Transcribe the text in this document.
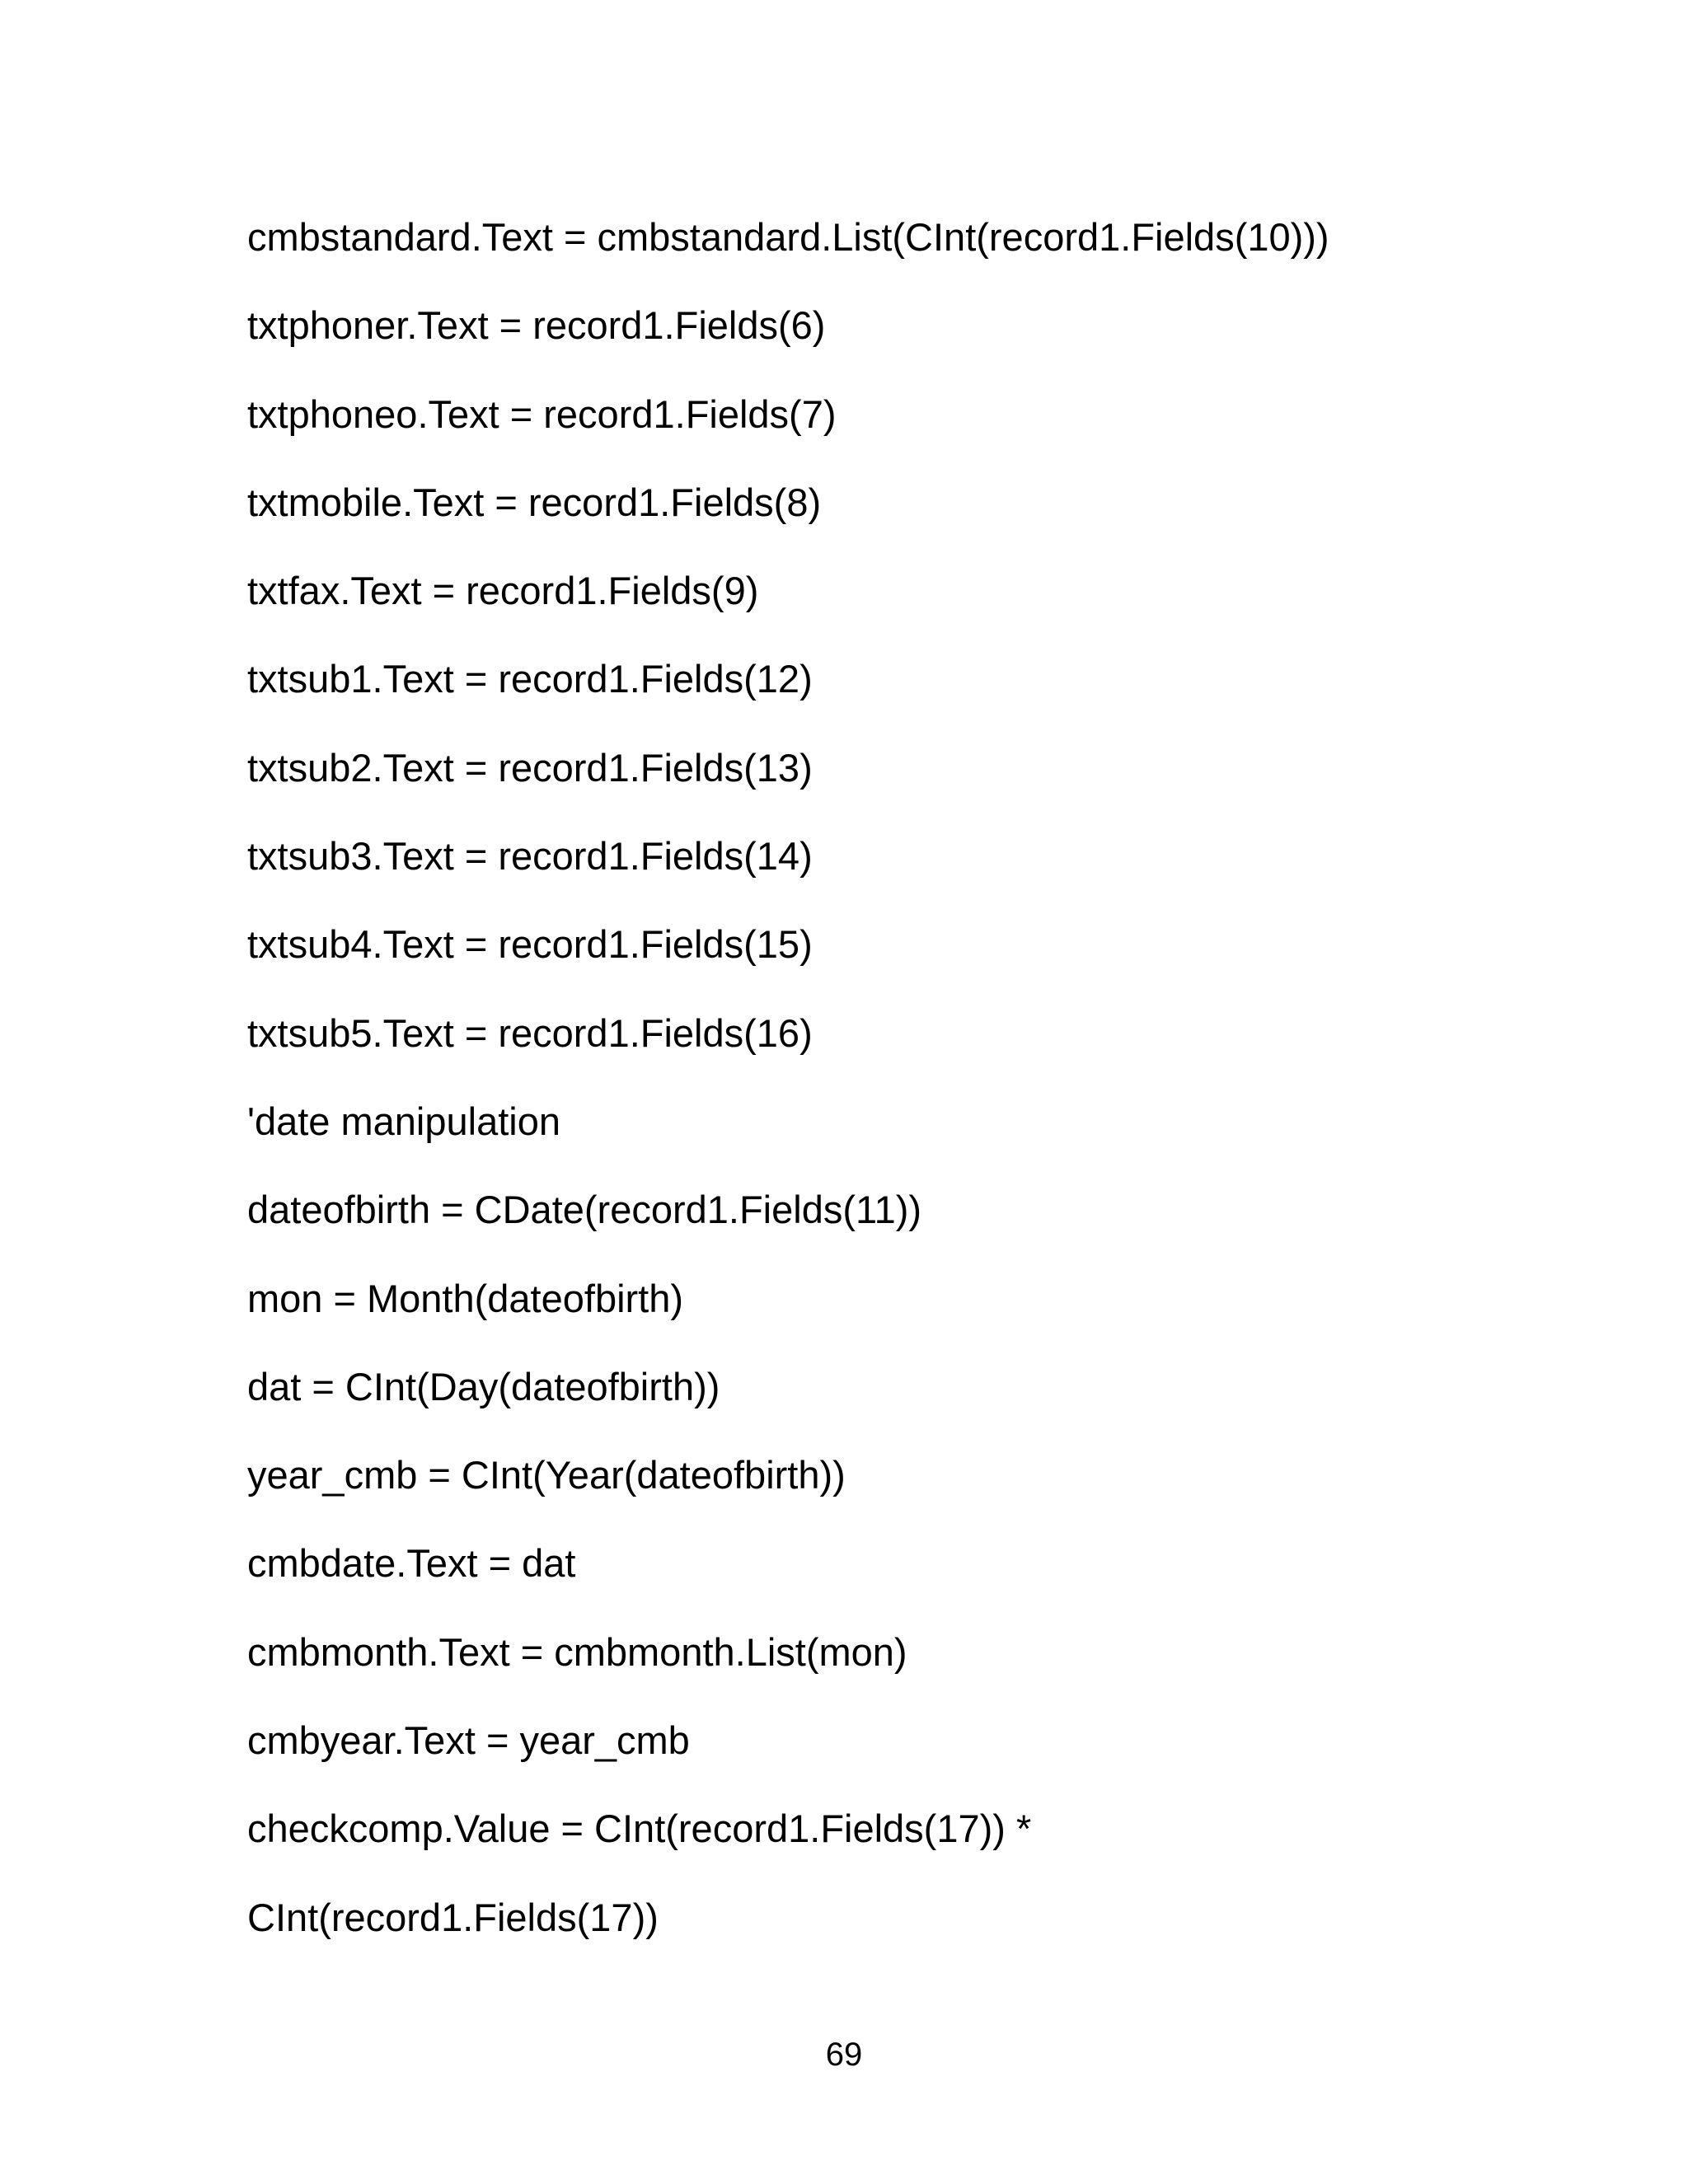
cmbstandard.Text = cmbstandard.List(CInt(record1.Fields(10)))
txtphoner.Text = record1.Fields(6)
txtphoneo.Text = record1.Fields(7)
txtmobile.Text = record1.Fields(8)
txtfax.Text = record1.Fields(9)
txtsub1.Text = record1.Fields(12)
txtsub2.Text = record1.Fields(13)
txtsub3.Text = record1.Fields(14)
txtsub4.Text = record1.Fields(15)
txtsub5.Text = record1.Fields(16)
'date manipulation
dateofbirth = CDate(record1.Fields(11))
mon = Month(dateofbirth)
dat = CInt(Day(dateofbirth))
year_cmb = CInt(Year(dateofbirth))
cmbdate.Text = dat
cmbmonth.Text = cmbmonth.List(mon)
cmbyear.Text = year_cmb
checkcomp.Value = CInt(record1.Fields(17)) *
CInt(record1.Fields(17))
69
